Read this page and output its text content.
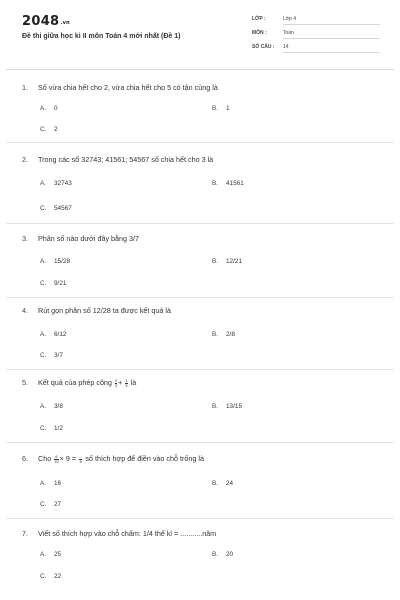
2048.vn
Đề thi giữa học kì II môn Toán 4 mới nhất (Đề 1)
LỚP :	Lớp 4
MÔN :	Toán
SỐ CÂU : 14
1. Số vừa chia hết cho 2, vừa chia hết cho 5 có tận cùng là
A. 0	B. 1
C. 2
2. Trong các số 32743; 41561; 54567 số chia hết cho 3 là
A. 32743	B. 41561
C. 54567
3. Phân số nào dưới đây bằng 3/7
A. 15/28	B. 12/21
C. 9/21
4. Rút gọn phân số 12/28 ta được kết quả là
A. 6/12	B. 2/8
C. 3/7
5. Kết quả của phép cộng $\frac{2}{3} + \frac{1}{5}$ là
A. 3/8	B. 13/15
C. 1/2
6. Cho $\frac{8}{15} \times 9 = \frac{...}{5}$ số thích hợp để điền vào chỗ trống là
A. 16	B. 24
C. 27
7. Viết số thích hợp vào chỗ chấm: 1/4 thế kỉ = ...........năm
A. 25	B. 20
C. 22
